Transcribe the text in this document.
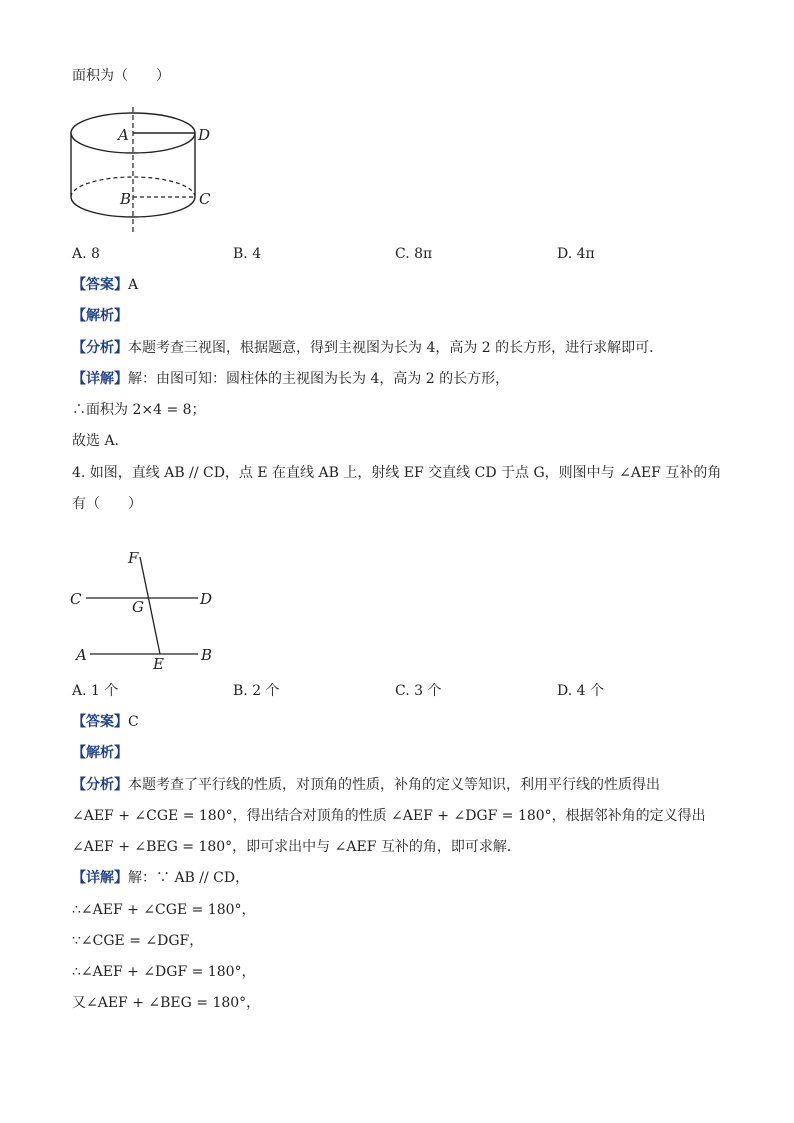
面积为（　　）
A	D
B	C
A. 8	B. 4	C. 8π	D. 4π
【答案】A
【解析】
【分析】本题考查三视图，根据题意，得到主视图为长为 4，高为 2 的长方形，进行求解即可．
【详解】解：由图可知：圆柱体的主视图为长为 4，高为 2 的长方形，
∴面积为 2×4 = 8；
故选 A．
4. 如图，直线 AB // CD，点 E 在直线 AB 上，射线 EF 交直线 CD 于点 G，则图中与 ∠AEF 互补的角
有（　　）
F
C	G	D
A	E B
A. 1 个	B. 2 个	C. 3 个	D. 4 个
【答案】C
【解析】
【分析】本题考查了平行线的性质，对顶角的性质，补角的定义等知识，利用平行线的性质得出
∠AEF + ∠CGE = 180°，得出结合对顶角的性质 ∠AEF + ∠DGF = 180°，根据邻补角的定义得出
∠AEF + ∠BEG = 180°，即可求出中与 ∠AEF 互补的角，即可求解．
【详解】解：∵ AB // CD，
∴∠AEF + ∠CGE = 180°，
∵∠CGE = ∠DGF，
∴∠AEF + ∠DGF = 180°，
又∠AEF + ∠BEG = 180°，
